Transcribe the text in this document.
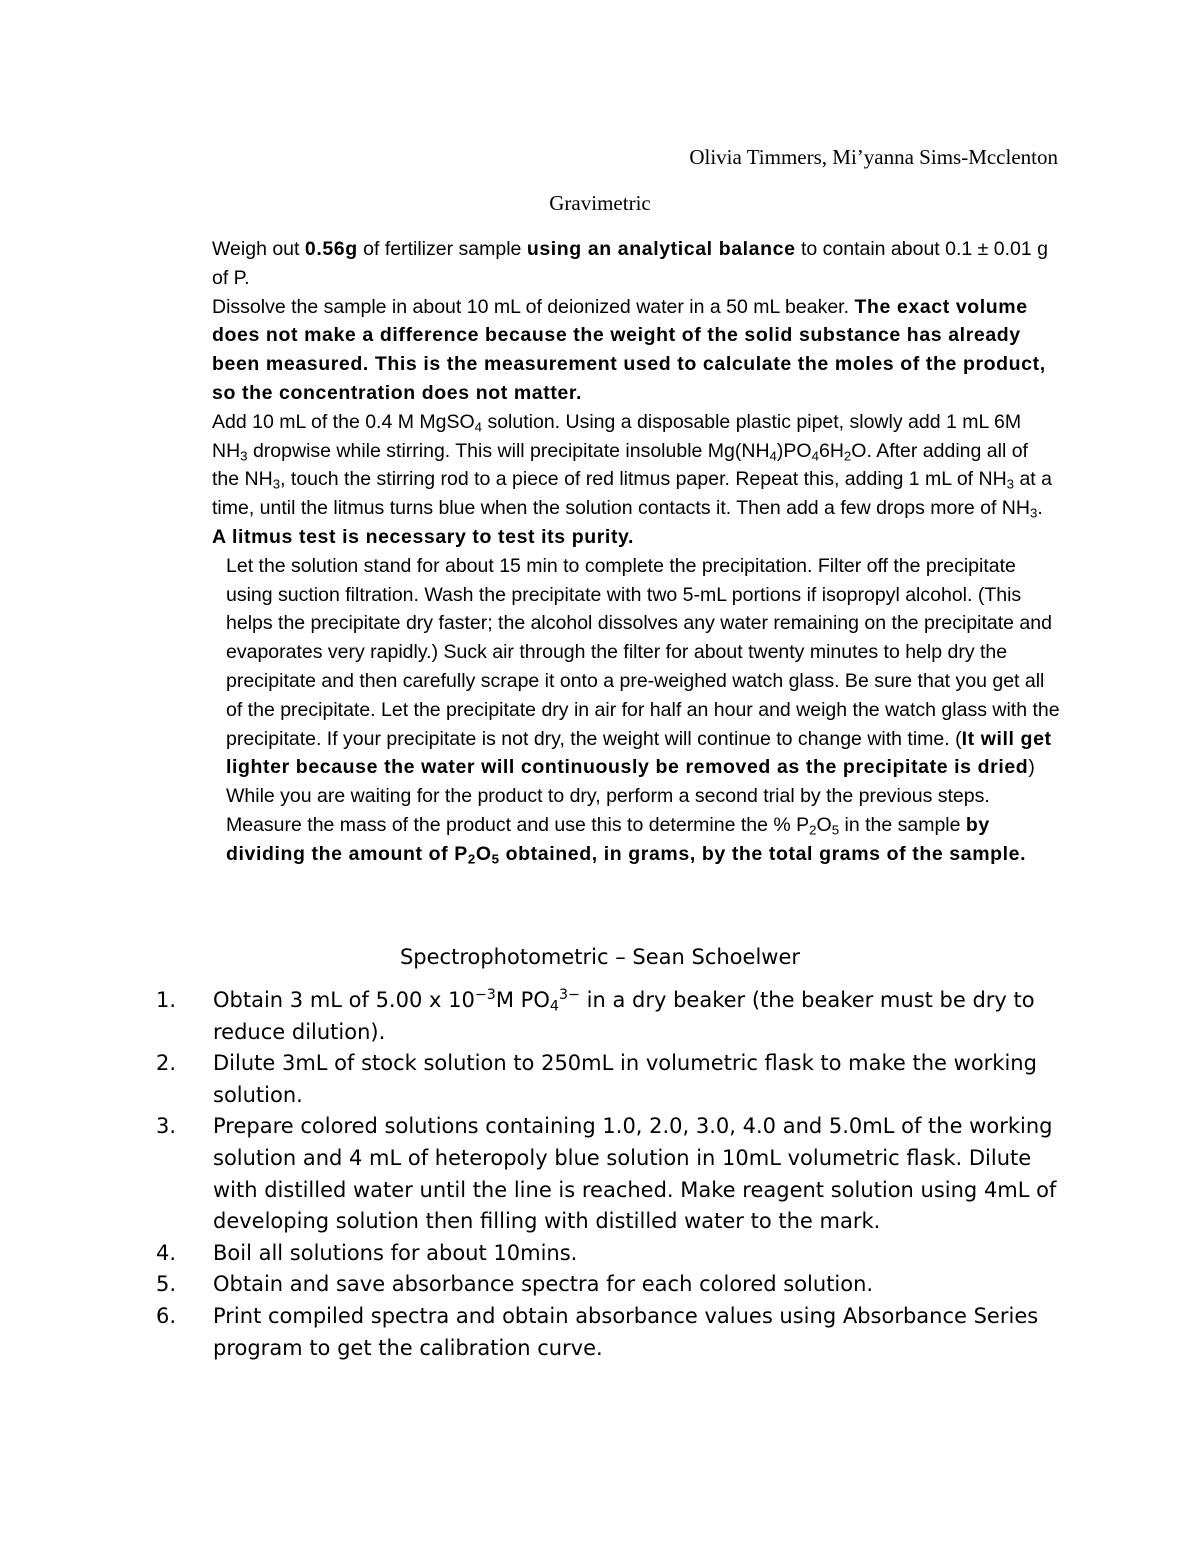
Olivia Timmers, Mi’yanna Sims-Mcclenton
Gravimetric

Weigh out 0.56g of fertilizer sample using an analytical balance to contain about 0.1 ± 0.01 g of P.

Dissolve the sample in about 10 mL of deionized water in a 50 mL beaker. The exact volume does not make a difference because the weight of the solid substance has already been measured. This is the measurement used to calculate the moles of the product, so the concentration does not matter.

Add 10 mL of the 0.4 M MgSO$_4$ solution. Using a disposable plastic pipet, slowly add 1 mL 6M $NH_3$ dropwise while stirring. This will precipitate insoluble $Mg(NH_4)PO_46H_2O$. After adding all of the $NH_3$, touch the stirring rod to a piece of red litmus paper. Repeat this, adding 1 mL of $NH_3$ at a time, until the litmus turns blue when the solution contacts it. Then add a few drops more of $NH_3$. A litmus test is necessary to test its purity.

Let the solution stand for about 15 min to complete the precipitation. Filter off the precipitate using suction filtration. Wash the precipitate with two 5-mL portions if isopropyl alcohol. (This helps the precipitate dry faster; the alcohol dissolves any water remaining on the precipitate and evaporates very rapidly.) Suck air through the filter for about twenty minutes to help dry the precipitate and then carefully scrape it onto a pre-weighed watch glass. Be sure that you get all of the precipitate. Let the precipitate dry in air for half an hour and weigh the watch glass with the precipitate. If your precipitate is not dry, the weight will continue to change with time. (It will get lighter because the water will continuously be removed as the precipitate is dried) While you are waiting for the product to dry, perform a second trial by the previous steps. Measure the mass of the product and use this to determine the % $P_2O_5$ in the sample by dividing the amount of $P_2O_5$ obtained, in grams, by the total grams of the sample.

Spectrophotometric – Sean Schoelwer
1. Obtain 3 mL of 5.00 x $10^{-3}M$ $PO_4^{3-}$ in a dry beaker (the beaker must be dry to reduce dilution).
2. Dilute 3mL of stock solution to 250mL in volumetric flask to make the working solution.
3. Prepare colored solutions containing 1.0, 2.0, 3.0, 4.0 and 5.0mL of the working solution and 4 mL of heteropoly blue solution in 10mL volumetric flask. Dilute with distilled water until the line is reached. Make reagent solution using 4mL of developing solution then filling with distilled water to the mark.
4. Boil all solutions for about 10mins.
5. Obtain and save absorbance spectra for each colored solution.
6. Print compiled spectra and obtain absorbance values using Absorbance Series program to get the calibration curve.
